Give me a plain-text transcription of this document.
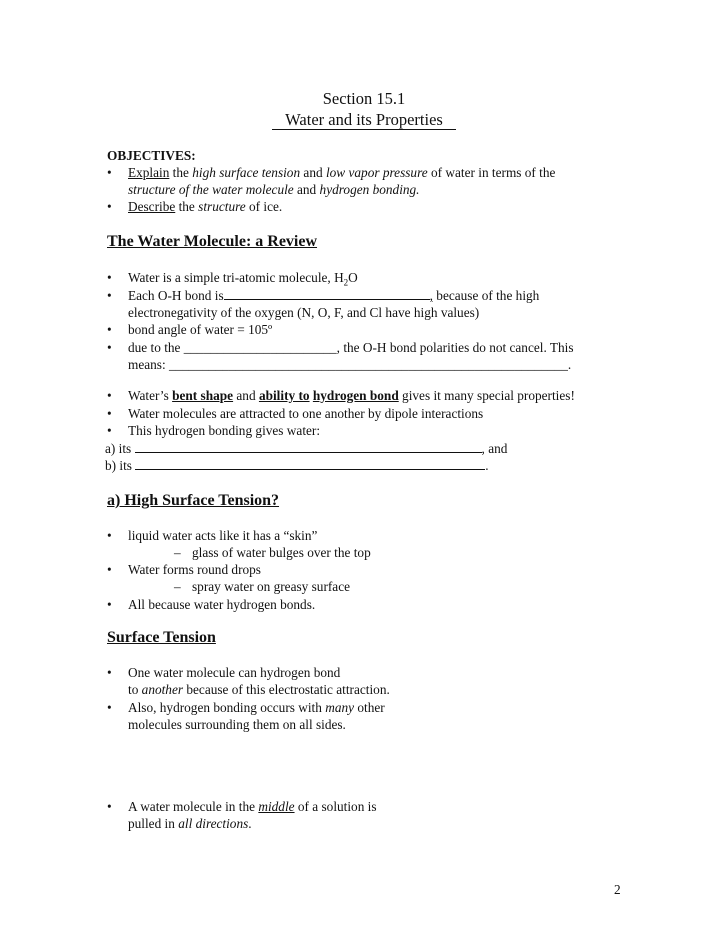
Section 15.1
Water and its Properties
OBJECTIVES:
• Explain the high surface tension and low vapor pressure of water in terms of the
structure of the water molecule and hydrogen bonding.
• Describe the structure of ice.
The Water Molecule: a Review
• Water is a simple tri-atomic molecule, $H_2O$
• Each O-H bond is	, because of the high
electronegativity of the oxygen (N, O, F, and Cl have high values)
• bond angle of water = 105º
• due to the _______________________, the O-H bond polarities do not cancel. This
means: ____________________________________________________________.
• Water’s bent shape and ability to hydrogen bond gives it many special properties!
• Water molecules are attracted to one another by dipole interactions
• This hydrogen bonding gives water:
a) its	, and
b) its	.
a) High Surface Tension?
• liquid water acts like it has a “skin”
– glass of water bulges over the top
• Water forms round drops
– spray water on greasy surface
• All because water hydrogen bonds.
Surface Tension
• One water molecule can hydrogen bond
to another because of this electrostatic attraction.
• Also, hydrogen bonding occurs with many other
molecules surrounding them on all sides.
• A water molecule in the middle of a solution is
pulled in all directions.
2
